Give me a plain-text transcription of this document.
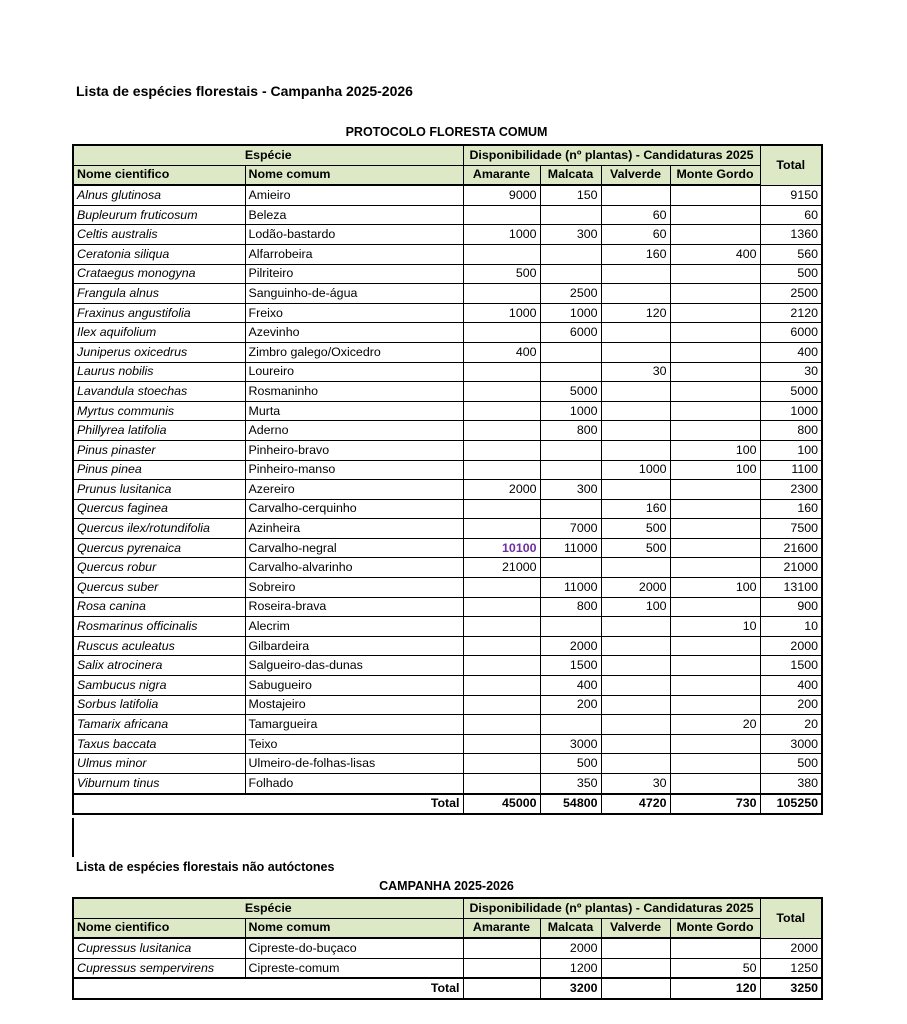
Lista de espécies florestais - Campanha 2025-2026
PROTOCOLO FLORESTA COMUM
Espécie		Disponibilidade (nº plantas) - Candidaturas 2025				Total
Nome cientifico	Nome comum	Amarante	Malcata	Valverde	Monte Gordo	
Alnus glutinosa	Amieiro	9000	150			9150
Bupleurum fruticosum	Beleza			60		60
Celtis australis	Lodão-bastardo	1000	300	60		1360
Ceratonia siliqua	Alfarrobeira			160	400	560
Crataegus monogyna	Pilriteiro	500				500
Frangula alnus	Sanguinho-de-água		2500			2500
Fraxinus angustifolia	Freixo	1000	1000	120		2120
Ilex aquifolium	Azevinho		6000			6000
Juniperus oxicedrus	Zimbro galego/Oxicedro	400				400
Laurus nobilis	Loureiro			30		30
Lavandula stoechas	Rosmaninho		5000			5000
Myrtus communis	Murta		1000			1000
Phillyrea latifolia	Aderno		800			800
Pinus pinaster	Pinheiro-bravo				100	100
Pinus pinea	Pinheiro-manso			1000	100	1100
Prunus lusitanica	Azereiro	2000	300			2300
Quercus faginea	Carvalho-cerquinho			160		160
Quercus ilex/rotundifolia	Azinheira		7000	500		7500
Quercus pyrenaica	Carvalho-negral	10100	11000	500		21600
Quercus robur	Carvalho-alvarinho	21000				21000
Quercus suber	Sobreiro		11000	2000	100	13100
Rosa canina	Roseira-brava		800	100		900
Rosmarinus officinalis	Alecrim				10	10
Ruscus aculeatus	Gilbardeira		2000			2000
Salix atrocinera	Salgueiro-das-dunas		1500			1500
Sambucus nigra	Sabugueiro		400			400
Sorbus latifolia	Mostajeiro		200			200
Tamarix africana	Tamargueira				20	20
Taxus baccata	Teixo		3000			3000
Ulmus minor	Ulmeiro-de-folhas-lisas		500			500
Viburnum tinus	Folhado		350	30		380
Total		45000	54800	4720	730	105250
Lista de espécies florestais não autóctones
CAMPANHA 2025-2026
Espécie		Disponibilidade (nº plantas) - Candidaturas 2025				Total
Nome cientifico	Nome comum	Amarante	Malcata	Valverde	Monte Gordo	
Cupressus lusitanica	Cipreste-do-buçaco		2000			2000
Cupressus sempervirens	Cipreste-comum		1200		50	1250
Total			3200		120	3250
